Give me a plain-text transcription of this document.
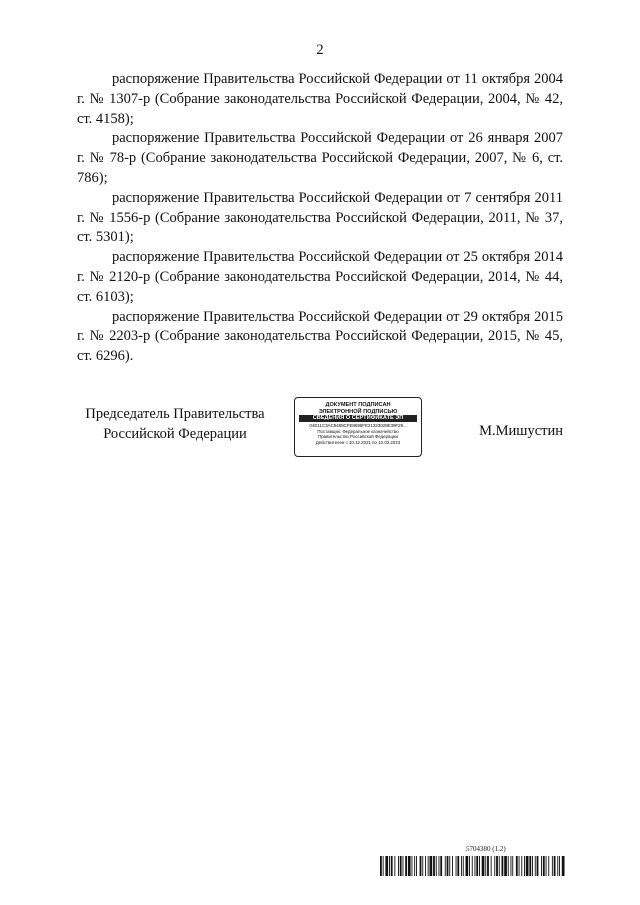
2

распоряжение Правительства Российской Федерации от 11 октября 2004 г. № 1307-р (Собрание законодательства Российской Федерации, 2004, № 42, ст. 4158);

распоряжение Правительства Российской Федерации от 26 января 2007 г. № 78-р (Собрание законодательства Российской Федерации, 2007, № 6, ст. 786);

распоряжение Правительства Российской Федерации от 7 сентября 2011 г. № 1556-р (Собрание законодательства Российской Федерации, 2011, № 37, ст. 5301);

распоряжение Правительства Российской Федерации от 25 октября 2014 г. № 2120-р (Собрание законодательства Российской Федерации, 2014, № 44, ст. 6103);

распоряжение Правительства Российской Федерации от 29 октября 2015 г. № 2203-р (Собрание законодательства Российской Федерации, 2015, № 45, ст. 6296).

Председатель Правительства
Российской Федерации
ДОКУМЕНТ ПОДПИСАН
ЭЛЕКТРОННОЙ ПОДПИСЬЮ
СВЕДЕНИЯ О СЕРТИФИКАТЕ ЭП
04E11C3AC5468CFE8686FE21323028E39F29...
Поставщик: Федеральное казначейство
Правительство Российской Федерации
Действителен с 10.12.2021 по 10.03.2023
М.Мишустин
5704380 (1.2)
